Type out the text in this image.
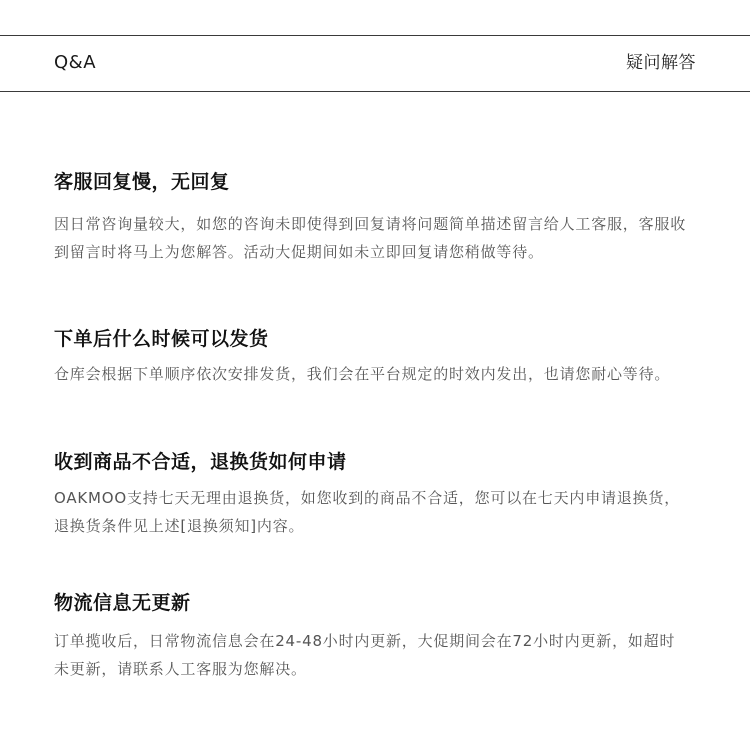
Q&A	疑问解答
客服回复慢，无回复
因日常咨询量较大，如您的咨询未即使得到回复请将问题简单描述留言给人工客服，客服收
到留言时将马上为您解答。活动大促期间如未立即回复请您稍做等待。
下单后什么时候可以发货
仓库会根据下单顺序依次安排发货，我们会在平台规定的时效内发出，也请您耐心等待。
收到商品不合适，退换货如何申请
OAKMOO支持七天无理由退换货，如您收到的商品不合适，您可以在七天内申请退换货，
退换货条件见上述[退换须知]内容。
物流信息无更新
订单揽收后，日常物流信息会在24-48小时内更新，大促期间会在72小时内更新，如超时
未更新，请联系人工客服为您解决。
